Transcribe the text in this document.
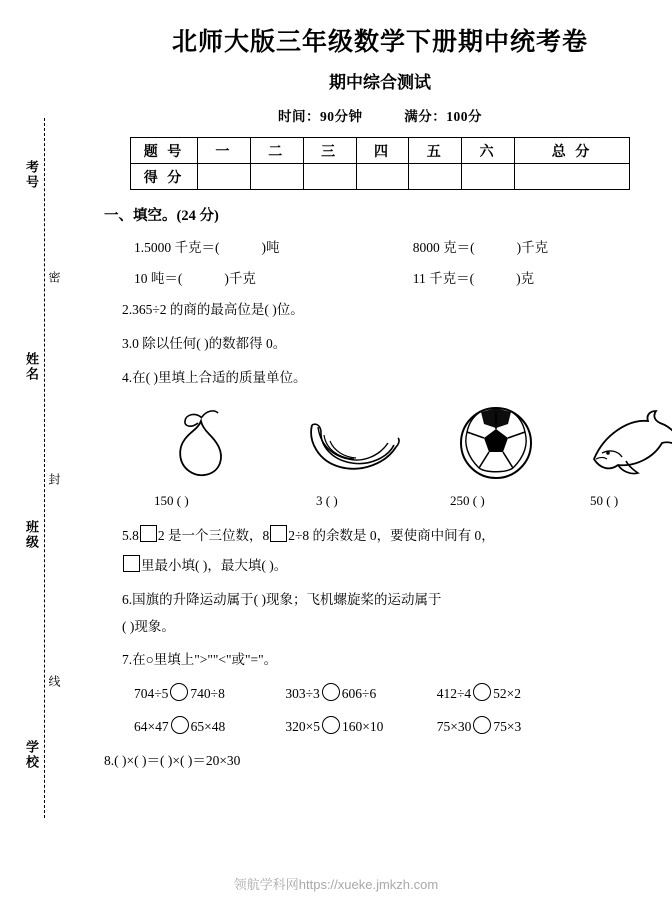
考号
姓名
班级
学校
密
封
线
北师大版三年级数学下册期中统考卷
期中综合测试
时间：90分钟	满分：100分
题 号	一	二	三	四	五	六	总 分
得 分							
一、填空。(24 分)
1.5000 千克＝(	)吨	8000 克＝(	)千克
10 吨＝(	)千克	11 千克＝(	)克
2.365÷2 的商的最高位是( )位。
3.0 除以任何( )的数都得 0。
4.在( )里填上合适的质量单位。
150 ( )	3 ( )	250 ( )	50 ( )
5.8 2 是一个三位数，8 2÷8 的余数是 0，要使商中间有 0，
里最小填( )，最大填( )。
6.国旗的升降运动属于( )现象；飞机螺旋桨的运动属于
( )现象。
7.在○里填上">""<"或"="。
704÷5 740÷8	303÷3 606÷6	412÷4 52×2
64×47 65×48	320×5 160×10	75×30 75×3
8.( )×( )＝( )×( )＝20×30
领航学科网https://xueke.jmkzh.com
